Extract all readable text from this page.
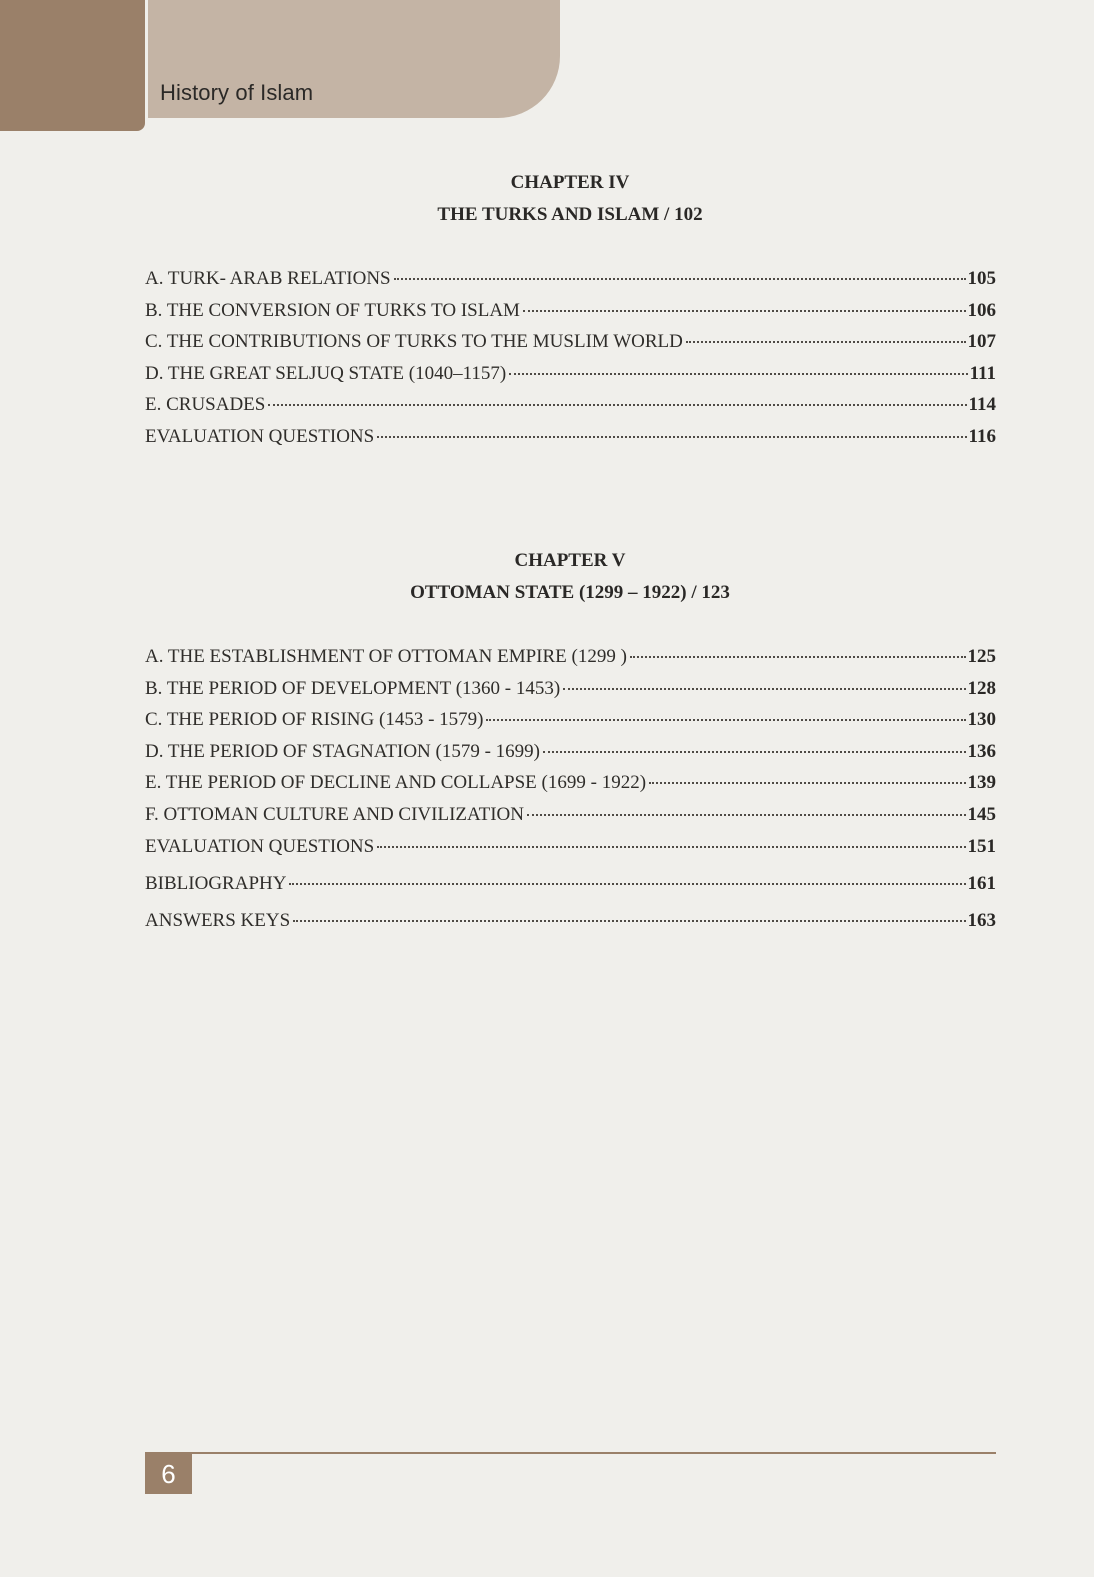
History of Islam
CHAPTER IV
THE TURKS AND ISLAM / 102
A. TURK- ARAB RELATIONS	105
B. THE CONVERSION OF TURKS TO ISLAM	106
C. THE CONTRIBUTIONS OF TURKS TO THE MUSLIM WORLD	107
D. THE GREAT SELJUQ STATE (1040–1157)	111
E. CRUSADES	114
EVALUATION QUESTIONS	116
CHAPTER V
OTTOMAN STATE (1299 – 1922) / 123
A. THE ESTABLISHMENT OF OTTOMAN EMPIRE (1299 )	125
B. THE PERIOD OF DEVELOPMENT (1360 - 1453)	128
C. THE PERIOD OF RISING (1453 - 1579)	130
D. THE PERIOD OF STAGNATION (1579 - 1699)	136
E. THE PERIOD OF DECLINE AND COLLAPSE (1699 - 1922)	139
F. OTTOMAN CULTURE AND CIVILIZATION	145
EVALUATION QUESTIONS	151
BIBLIOGRAPHY	161
ANSWERS KEYS	163
6
